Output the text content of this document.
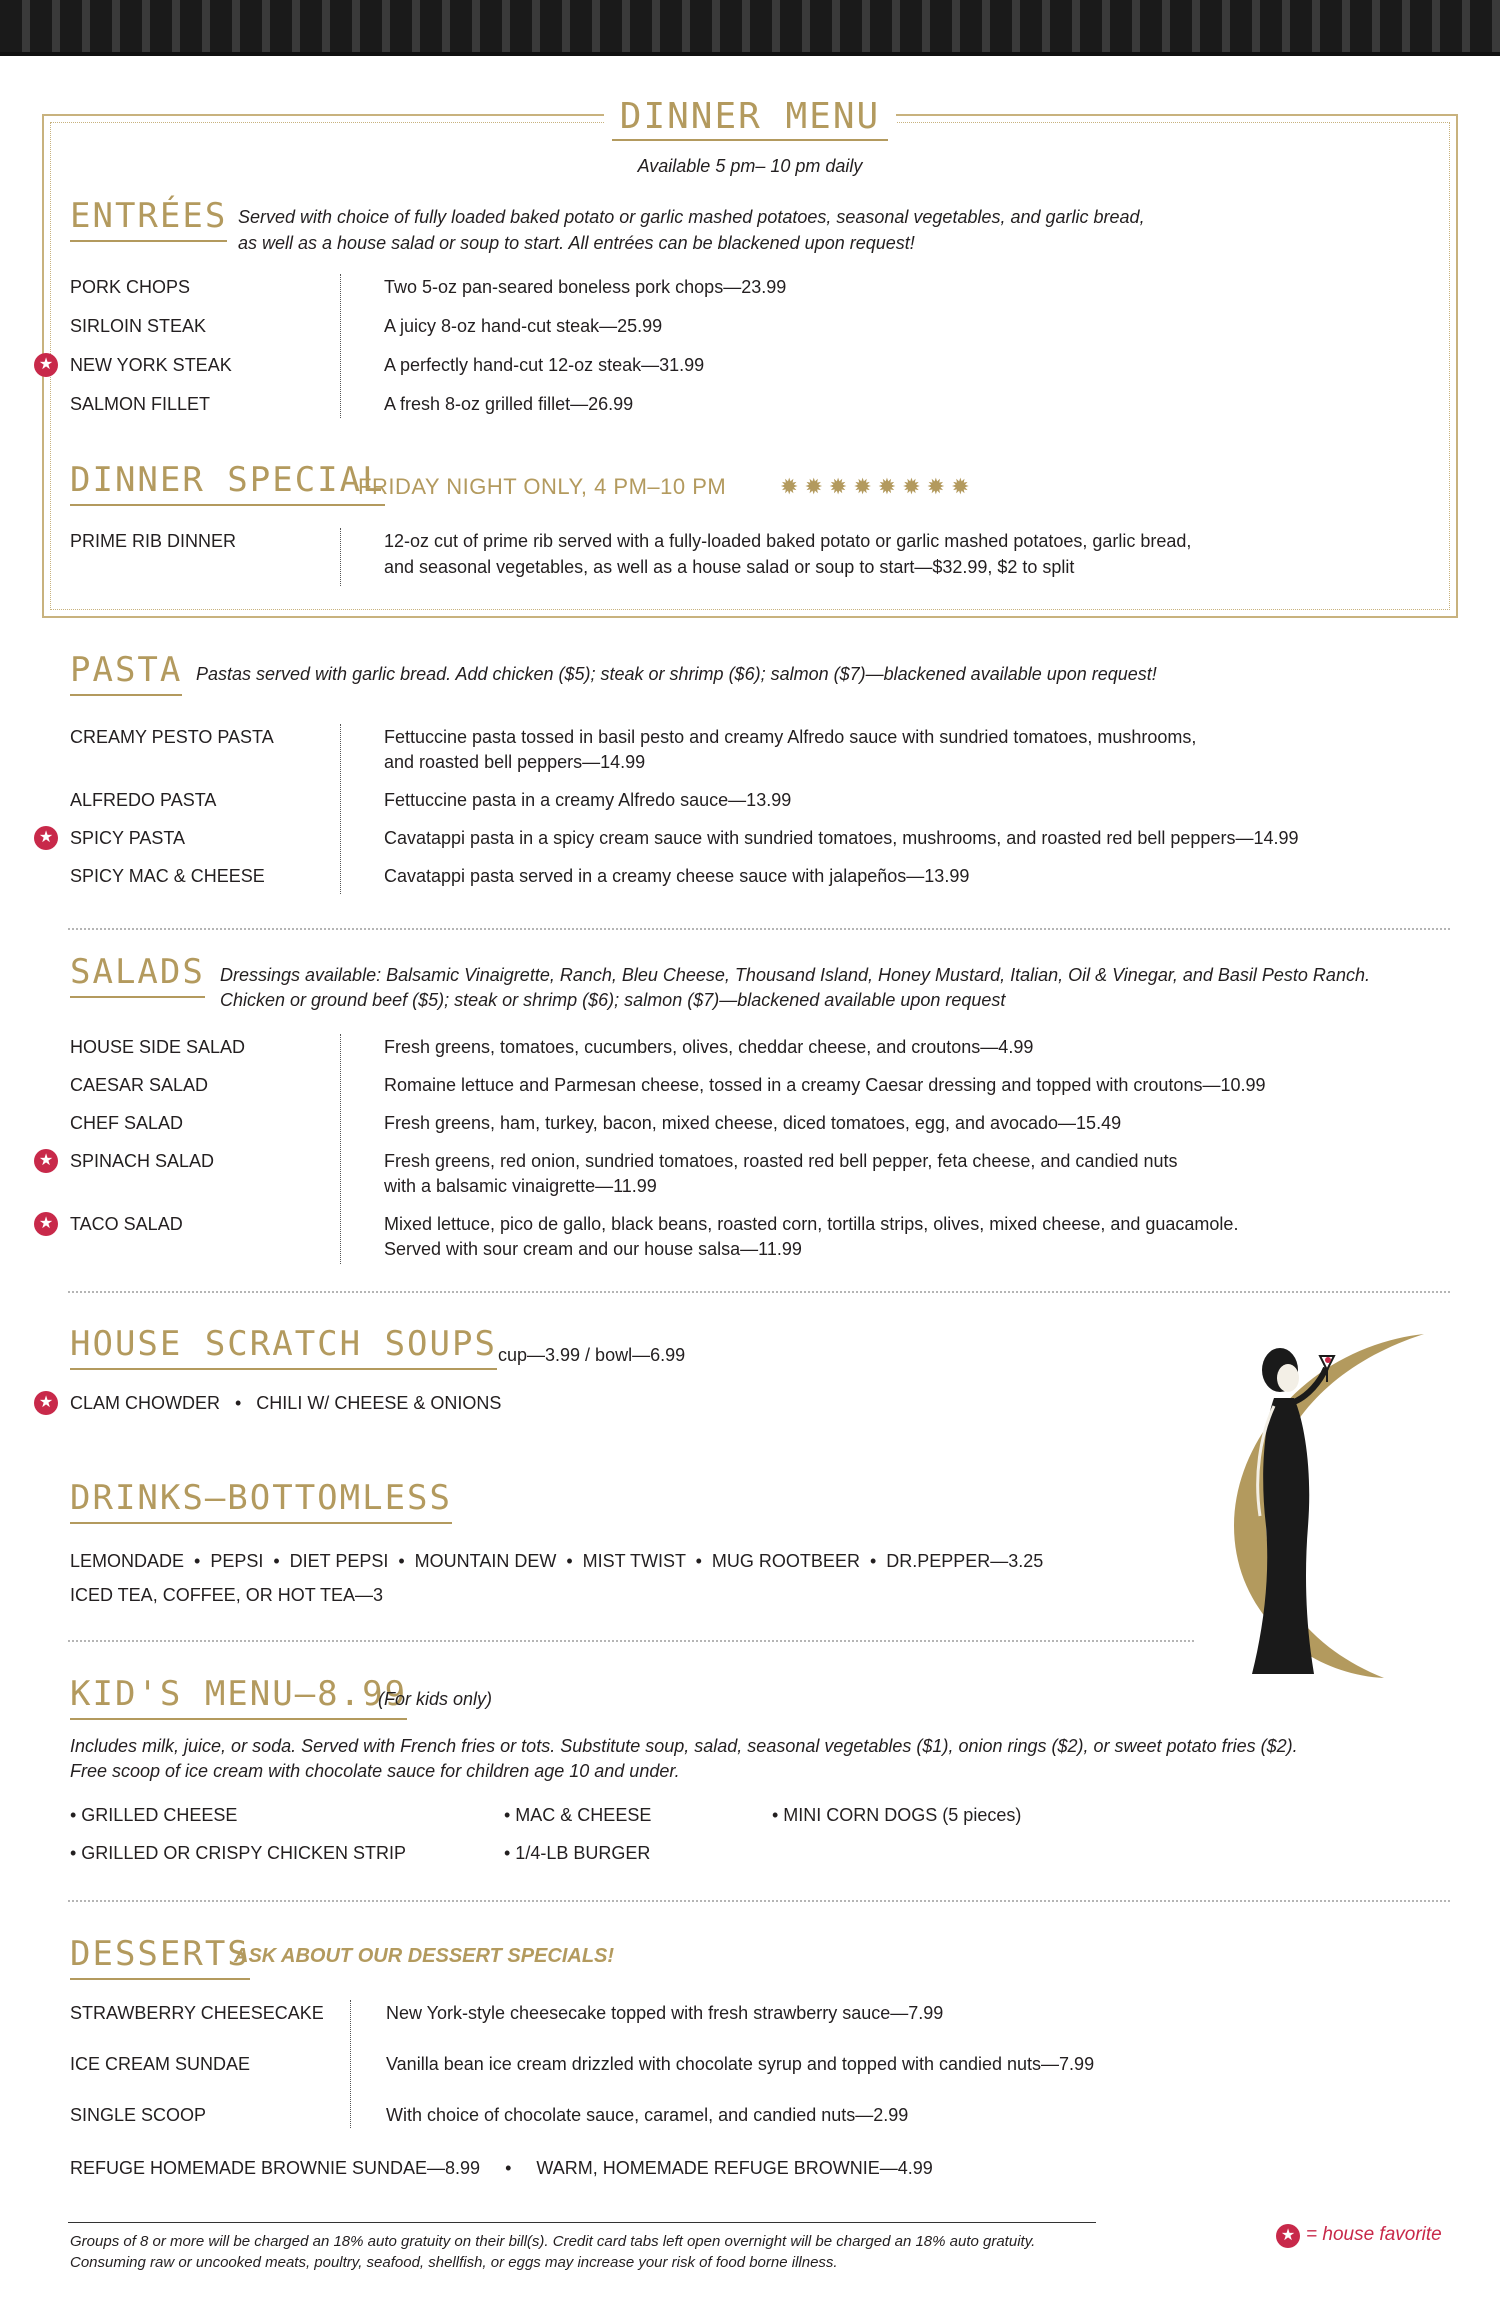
DINNER MENU
Available 5 pm– 10 pm daily
ENTRÉES Served with choice of fully loaded baked potato or garlic mashed potatoes, seasonal vegetables, and garlic bread,
as well as a house salad or soup to start. All entrées can be blackened upon request!
PORK CHOPS	Two 5-oz pan-seared boneless pork chops—23.99
SIRLOIN STEAK	A juicy 8-oz hand-cut steak—25.99
★ NEW YORK STEAK	A perfectly hand-cut 12-oz steak—31.99
SALMON FILLET	A fresh 8-oz grilled fillet—26.99
DINNER SPECIAL
FRIDAY NIGHT ONLY, 4 PM–10 PM ✹ ✹ ✹ ✹ ✹ ✹ ✹ ✹
PRIME RIB DINNER	12-oz cut of prime rib served with a fully-loaded baked potato or garlic mashed potatoes, garlic bread,
and seasonal vegetables, as well as a house salad or soup to start—$32.99, $2 to split
PASTA Pastas served with garlic bread. Add chicken ($5); steak or shrimp ($6); salmon ($7)—blackened available upon request!
CREAMY PESTO PASTA	Fettuccine pasta tossed in basil pesto and creamy Alfredo sauce with sundried tomatoes, mushrooms,
and roasted bell peppers—14.99
ALFREDO PASTA	Fettuccine pasta in a creamy Alfredo sauce—13.99
★ SPICY PASTA	Cavatappi pasta in a spicy cream sauce with sundried tomatoes, mushrooms, and roasted red bell peppers—14.99
SPICY MAC & CHEESE	Cavatappi pasta served in a creamy cheese sauce with jalapeños—13.99
SALADS Dressings available: Balsamic Vinaigrette, Ranch, Bleu Cheese, Thousand Island, Honey Mustard, Italian, Oil & Vinegar, and Basil Pesto Ranch.
Chicken or ground beef ($5); steak or shrimp ($6); salmon ($7)—blackened available upon request
HOUSE SIDE SALAD	Fresh greens, tomatoes, cucumbers, olives, cheddar cheese, and croutons—4.99
CAESAR SALAD	Romaine lettuce and Parmesan cheese, tossed in a creamy Caesar dressing and topped with croutons—10.99
CHEF SALAD	Fresh greens, ham, turkey, bacon, mixed cheese, diced tomatoes, egg, and avocado—15.49
★ SPINACH SALAD	Fresh greens, red onion, sundried tomatoes, roasted red bell pepper, feta cheese, and candied nuts
with a balsamic vinaigrette—11.99
★ TACO SALAD	Mixed lettuce, pico de gallo, black beans, roasted corn, tortilla strips, olives, mixed cheese, and guacamole.
Served with sour cream and our house salsa—11.99
HOUSE SCRATCH SOUPS cup—3.99 / bowl—6.99
★ CLAM CHOWDER   •   CHILI W/ CHEESE & ONIONS
DRINKS—BOTTOMLESS
LEMONDADE  •  PEPSI  •  DIET PEPSI  •  MOUNTAIN DEW  •  MIST TWIST  •  MUG ROOTBEER  •  DR.PEPPER—3.25
ICED TEA, COFFEE, OR HOT TEA—3
KID'S MENU—8.99
(For kids only)
Includes milk, juice, or soda. Served with French fries or tots. Substitute soup, salad, seasonal vegetables ($1), onion rings ($2), or sweet potato fries ($2).
Free scoop of ice cream with chocolate sauce for children age 10 and under.
• GRILLED CHEESE	• MAC & CHEESE	• MINI CORN DOGS (5 pieces)
• GRILLED OR CRISPY CHICKEN STRIP	• 1/4-LB BURGER
DESSERTS
ASK ABOUT OUR DESSERT SPECIALS!
STRAWBERRY CHEESECAKE	New York-style cheesecake topped with fresh strawberry sauce—7.99
ICE CREAM SUNDAE	Vanilla bean ice cream drizzled with chocolate syrup and topped with candied nuts—7.99
SINGLE SCOOP	With choice of chocolate sauce, caramel, and candied nuts—2.99
REFUGE HOMEMADE BROWNIE SUNDAE—8.99     •     WARM, HOMEMADE REFUGE BROWNIE—4.99
Groups of 8 or more will be charged an 18% auto gratuity on their bill(s). Credit card tabs left open overnight will be charged an 18% auto gratuity.
Consuming raw or uncooked meats, poultry, seafood, shellfish, or eggs may increase your risk of food borne illness.
★ = house favorite
